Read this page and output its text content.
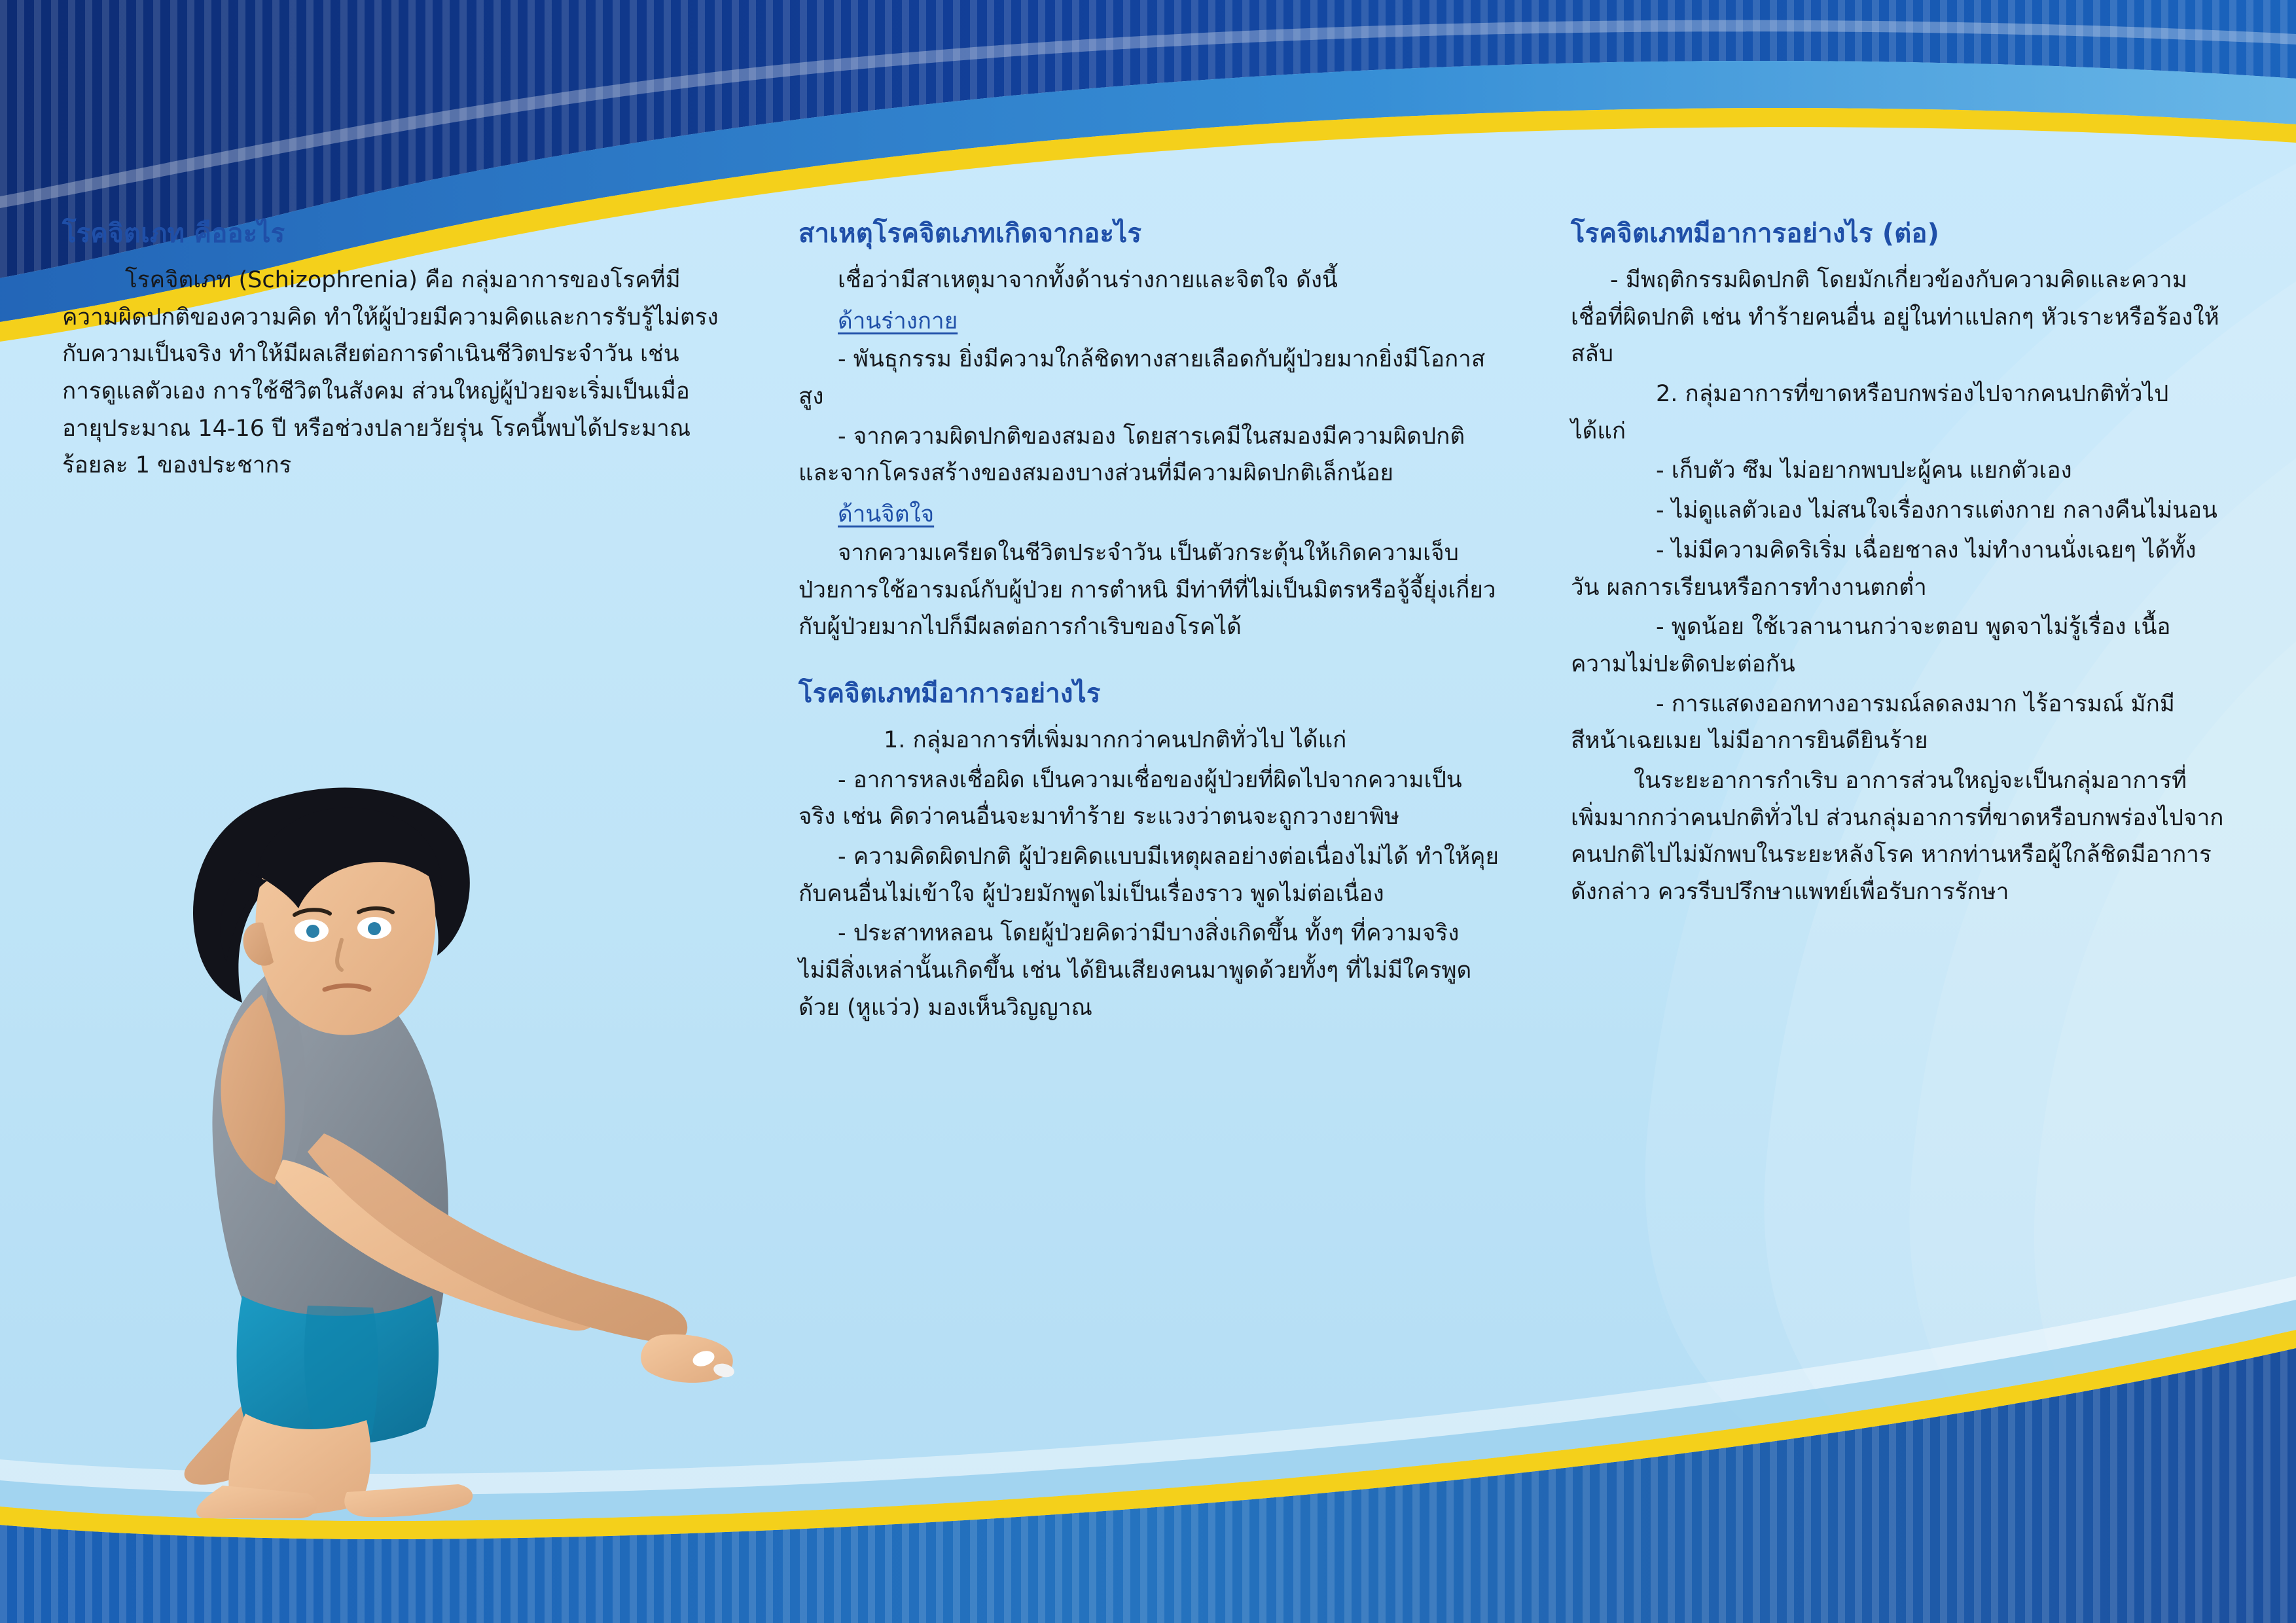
โรคจิตเภท คืออะไร

โรคจิตเภท (Schizophrenia) คือ กลุ่มอาการของโรคที่มีความผิดปกติของความคิด ทำให้ผู้ป่วยมีความคิดและการรับรู้ไม่ตรงกับความเป็นจริง ทำให้มีผลเสียต่อการดำเนินชีวิตประจำวัน เช่น การดูแลตัวเอง การใช้ชีวิตในสังคม ส่วนใหญ่ผู้ป่วยจะเริ่มเป็นเมื่ออายุประมาณ 14-16 ปี หรือช่วงปลายวัยรุ่น โรคนี้พบได้ประมาณร้อยละ 1 ของประชากร

สาเหตุโรคจิตเภทเกิดจากอะไร

เชื่อว่ามีสาเหตุมาจากทั้งด้านร่างกายและจิตใจ ดังนี้

ด้านร่างกาย

- พันธุกรรม ยิ่งมีความใกล้ชิดทางสายเลือดกับผู้ป่วยมากยิ่งมีโอกาสสูง

- จากความผิดปกติของสมอง โดยสารเคมีในสมองมีความผิดปกติและจากโครงสร้างของสมองบางส่วนที่มีความผิดปกติเล็กน้อย

ด้านจิตใจ

จากความเครียดในชีวิตประจำวัน เป็นตัวกระตุ้นให้เกิดความเจ็บป่วยการใช้อารมณ์กับผู้ป่วย การตำหนิ มีท่าทีที่ไม่เป็นมิตรหรือจู้จี้ยุ่งเกี่ยวกับผู้ป่วยมากไปก็มีผลต่อการกำเริบของโรคได้

โรคจิตเภทมีอาการอย่างไร

1. กลุ่มอาการที่เพิ่มมากกว่าคนปกติทั่วไป ได้แก่

- อาการหลงเชื่อผิด เป็นความเชื่อของผู้ป่วยที่ผิดไปจากความเป็นจริง เช่น คิดว่าคนอื่นจะมาทำร้าย ระแวงว่าตนจะถูกวางยาพิษ

- ความคิดผิดปกติ ผู้ป่วยคิดแบบมีเหตุผลอย่างต่อเนื่องไม่ได้ ทำให้คุยกับคนอื่นไม่เข้าใจ ผู้ป่วยมักพูดไม่เป็นเรื่องราว พูดไม่ต่อเนื่อง

- ประสาทหลอน โดยผู้ป่วยคิดว่ามีบางสิ่งเกิดขึ้น ทั้งๆ ที่ความจริงไม่มีสิ่งเหล่านั้นเกิดขึ้น เช่น ได้ยินเสียงคนมาพูดด้วยทั้งๆ ที่ไม่มีใครพูดด้วย (หูแว่ว) มองเห็นวิญญาณ

โรคจิตเภทมีอาการอย่างไร (ต่อ)

- มีพฤติกรรมผิดปกติ โดยมักเกี่ยวข้องกับความคิดและความเชื่อที่ผิดปกติ เช่น ทำร้ายคนอื่น อยู่ในท่าแปลกๆ หัวเราะหรือร้องให้สลับ

2. กลุ่มอาการที่ขาดหรือบกพร่องไปจากคนปกติทั่วไป ได้แก่

- เก็บตัว ซึม ไม่อยากพบปะผู้คน แยกตัวเอง

- ไม่ดูแลตัวเอง ไม่สนใจเรื่องการแต่งกาย กลางคืนไม่นอน

- ไม่มีความคิดริเริ่ม เฉื่อยชาลง ไม่ทำงานนั่งเฉยๆ ได้ทั้งวัน ผลการเรียนหรือการทำงานตกต่ำ

- พูดน้อย ใช้เวลานานกว่าจะตอบ พูดจาไม่รู้เรื่อง เนื้อความไม่ปะติดปะต่อกัน

- การแสดงออกทางอารมณ์ลดลงมาก ไร้อารมณ์ มักมีสีหน้าเฉยเมย ไม่มีอาการยินดียินร้าย

ในระยะอาการกำเริบ อาการส่วนใหญ่จะเป็นกลุ่มอาการที่เพิ่มมากกว่าคนปกติทั่วไป ส่วนกลุ่มอาการที่ขาดหรือบกพร่องไปจากคนปกติไปไม่มักพบในระยะหลังโรค หากท่านหรือผู้ใกล้ชิดมีอาการดังกล่าว ควรรีบปรึกษาแพทย์เพื่อรับการรักษา
